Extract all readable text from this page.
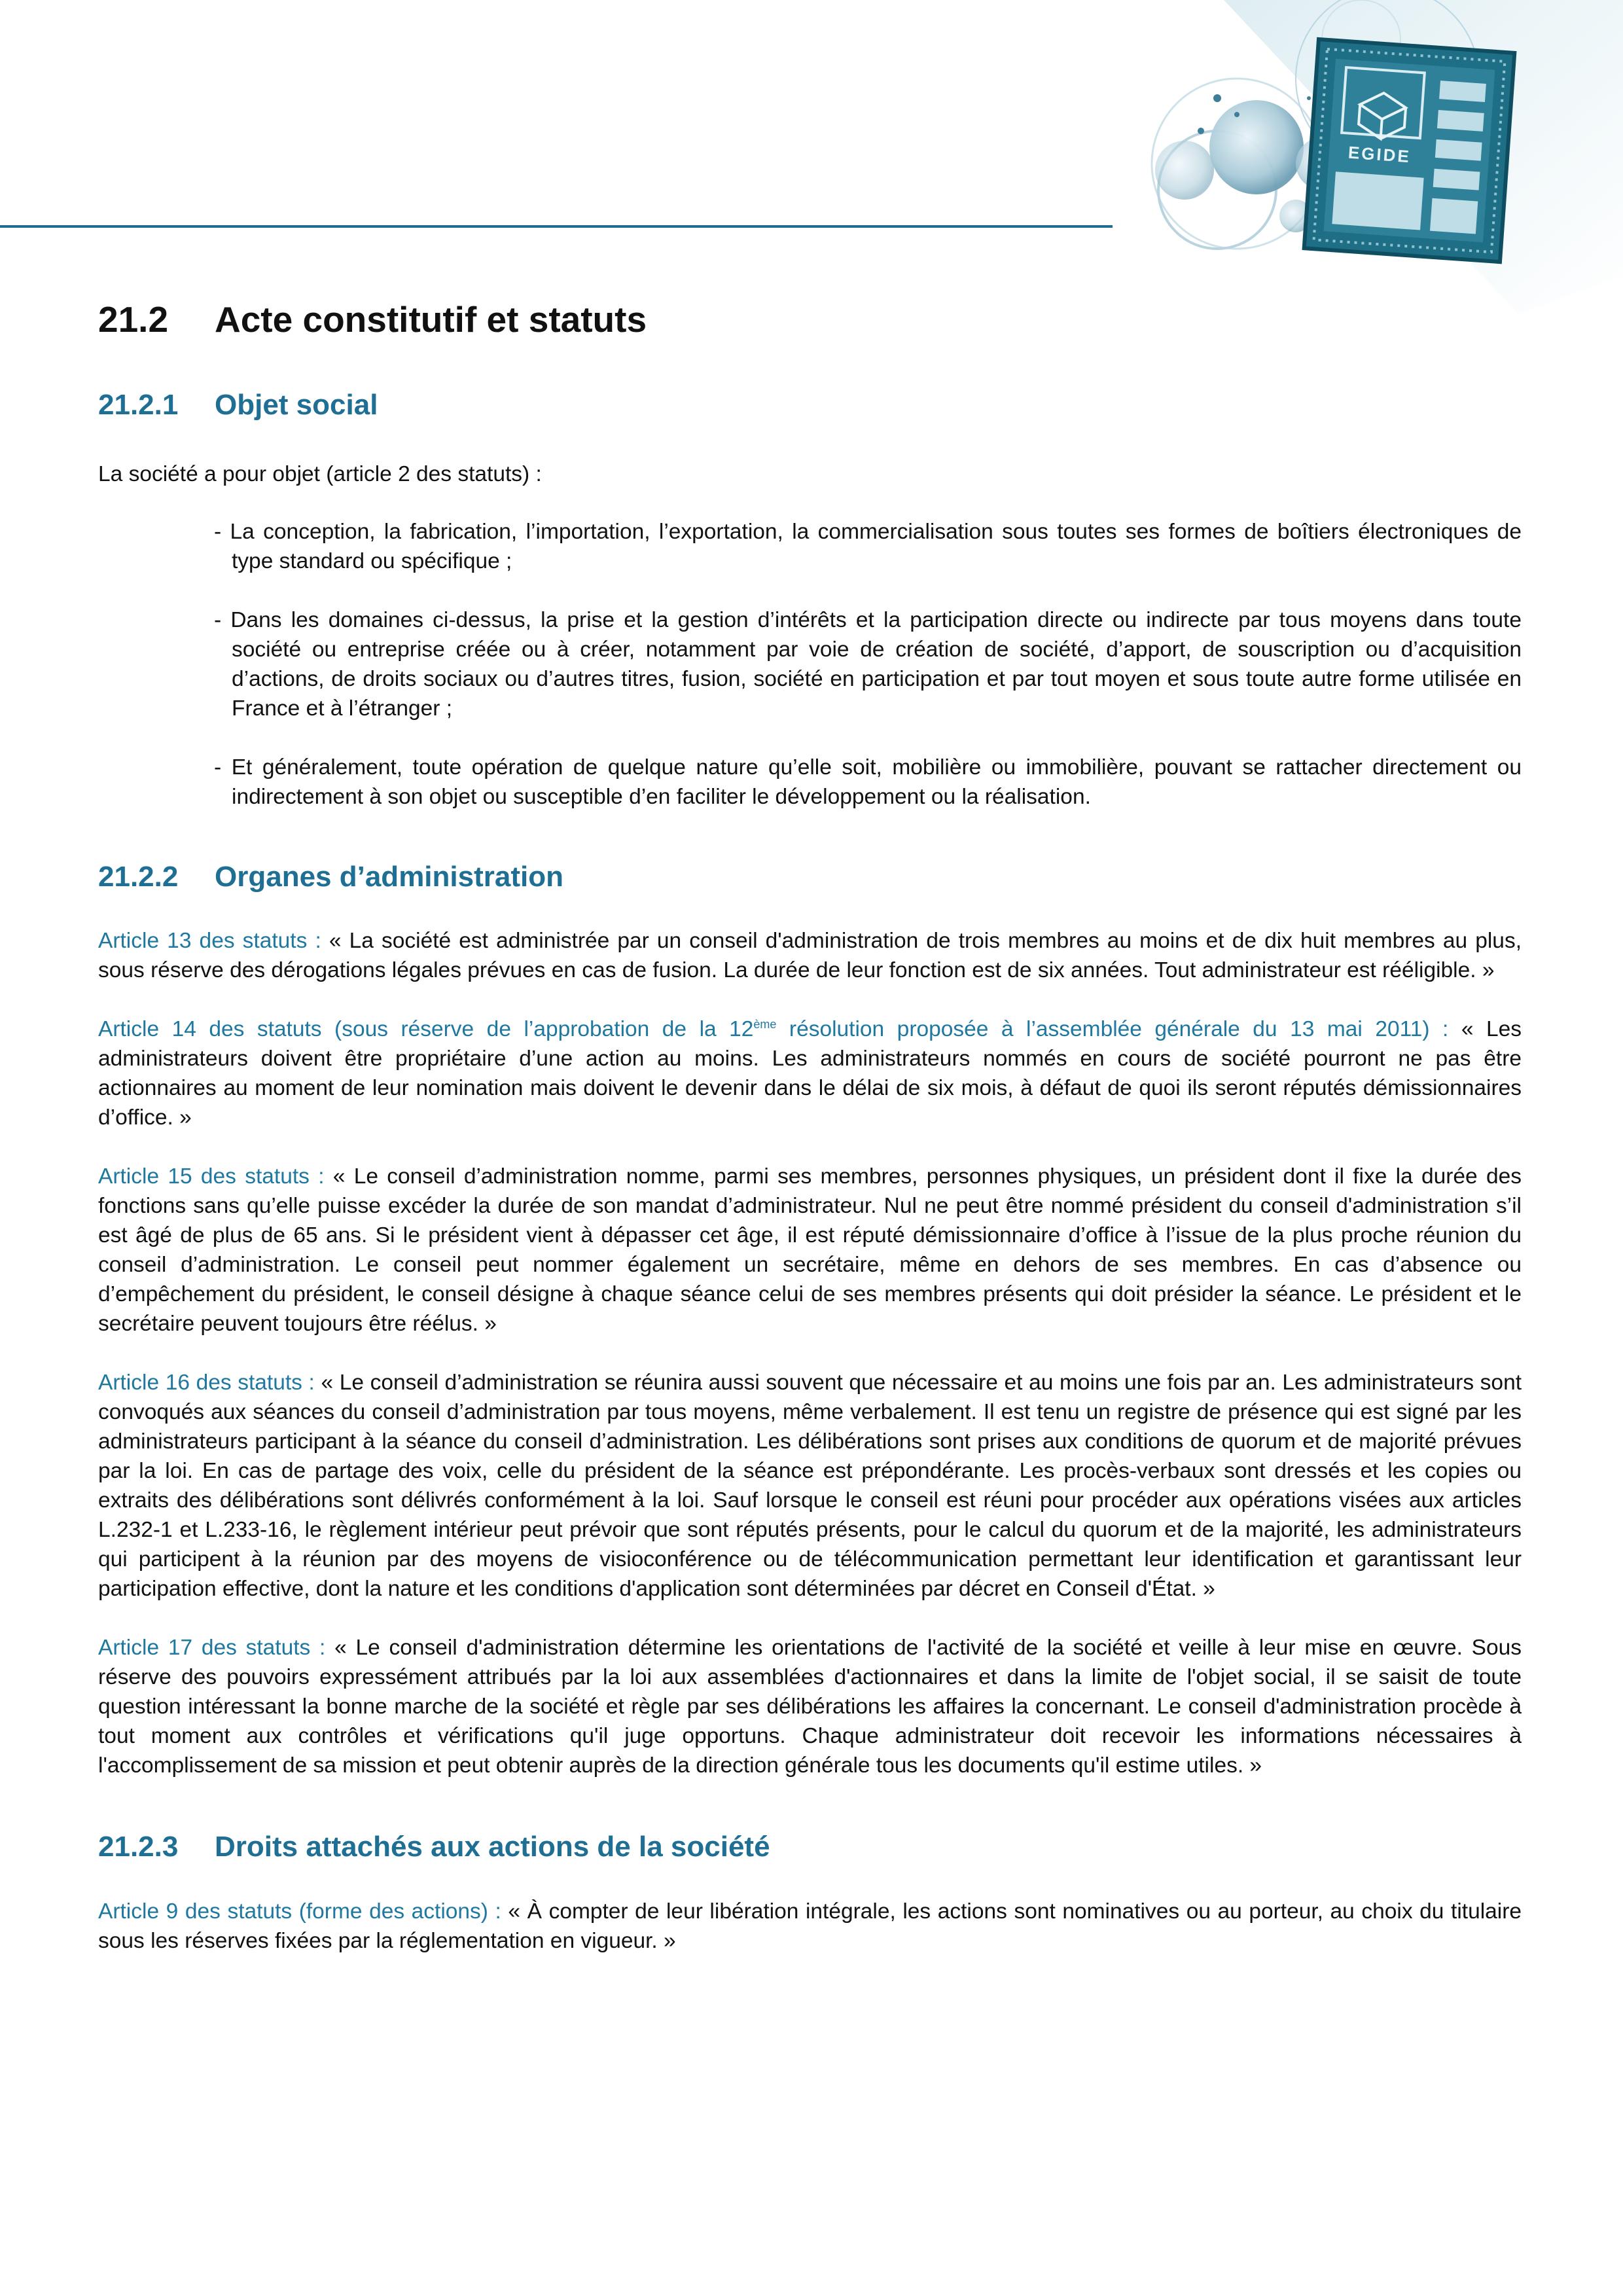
EGIDE
21.2 Acte constitutif et statuts
21.2.1 Objet social

La société a pour objet (article 2 des statuts) :

- La conception, la fabrication, l’importation, l’exportation, la commercialisation sous toutes ses formes de boîtiers électroniques de type standard ou spécifique ;
- Dans les domaines ci-dessus, la prise et la gestion d’intérêts et la participation directe ou indirecte par tous moyens dans toute société ou entreprise créée ou à créer, notamment par voie de création de société, d’apport, de souscription ou d’acquisition d’actions, de droits sociaux ou d’autres titres, fusion, société en participation et par tout moyen et sous toute autre forme utilisée en France et à l’étranger ;
- Et généralement, toute opération de quelque nature qu’elle soit, mobilière ou immobilière, pouvant se rattacher directement ou indirectement à son objet ou susceptible d’en faciliter le développement ou la réalisation.
21.2.2 Organes d’administration

Article 13 des statuts : « La société est administrée par un conseil d'administration de trois membres au moins et de dix huit membres au plus, sous réserve des dérogations légales prévues en cas de fusion. La durée de leur fonction est de six années. Tout administrateur est rééligible. »

Article 14 des statuts (sous réserve de l’approbation de la 12ème résolution proposée à l’assemblée générale du 13 mai 2011) : « Les administrateurs doivent être propriétaire d’une action au moins. Les administrateurs nommés en cours de société pourront ne pas être actionnaires au moment de leur nomination mais doivent le devenir dans le délai de six mois, à défaut de quoi ils seront réputés démissionnaires d’office. »

Article 15 des statuts : « Le conseil d’administration nomme, parmi ses membres, personnes physiques, un président dont il fixe la durée des fonctions sans qu’elle puisse excéder la durée de son mandat d’administrateur. Nul ne peut être nommé président du conseil d'administration s’il est âgé de plus de 65 ans. Si le président vient à dépasser cet âge, il est réputé démissionnaire d’office à l’issue de la plus proche réunion du conseil d’administration. Le conseil peut nommer également un secrétaire, même en dehors de ses membres. En cas d’absence ou d’empêchement du président, le conseil désigne à chaque séance celui de ses membres présents qui doit présider la séance. Le président et le secrétaire peuvent toujours être réélus. »

Article 16 des statuts : « Le conseil d’administration se réunira aussi souvent que nécessaire et au moins une fois par an. Les administrateurs sont convoqués aux séances du conseil d’administration par tous moyens, même verbalement. Il est tenu un registre de présence qui est signé par les administrateurs participant à la séance du conseil d’administration. Les délibérations sont prises aux conditions de quorum et de majorité prévues par la loi. En cas de partage des voix, celle du président de la séance est prépondérante. Les procès-verbaux sont dressés et les copies ou extraits des délibérations sont délivrés conformément à la loi. Sauf lorsque le conseil est réuni pour procéder aux opérations visées aux articles L.232-1 et L.233-16, le règlement intérieur peut prévoir que sont réputés présents, pour le calcul du quorum et de la majorité, les administrateurs qui participent à la réunion par des moyens de visioconférence ou de télécommunication permettant leur identification et garantissant leur participation effective, dont la nature et les conditions d'application sont déterminées par décret en Conseil d'État. »

Article 17 des statuts : « Le conseil d'administration détermine les orientations de l'activité de la société et veille à leur mise en œuvre. Sous réserve des pouvoirs expressément attribués par la loi aux assemblées d'actionnaires et dans la limite de l'objet social, il se saisit de toute question intéressant la bonne marche de la société et règle par ses délibérations les affaires la concernant. Le conseil d'administration procède à tout moment aux contrôles et vérifications qu'il juge opportuns. Chaque administrateur doit recevoir les informations nécessaires à l'accomplissement de sa mission et peut obtenir auprès de la direction générale tous les documents qu'il estime utiles. »

21.2.3 Droits attachés aux actions de la société

Article 9 des statuts (forme des actions) : « À compter de leur libération intégrale, les actions sont nominatives ou au porteur, au choix du titulaire sous les réserves fixées par la réglementation en vigueur. »
